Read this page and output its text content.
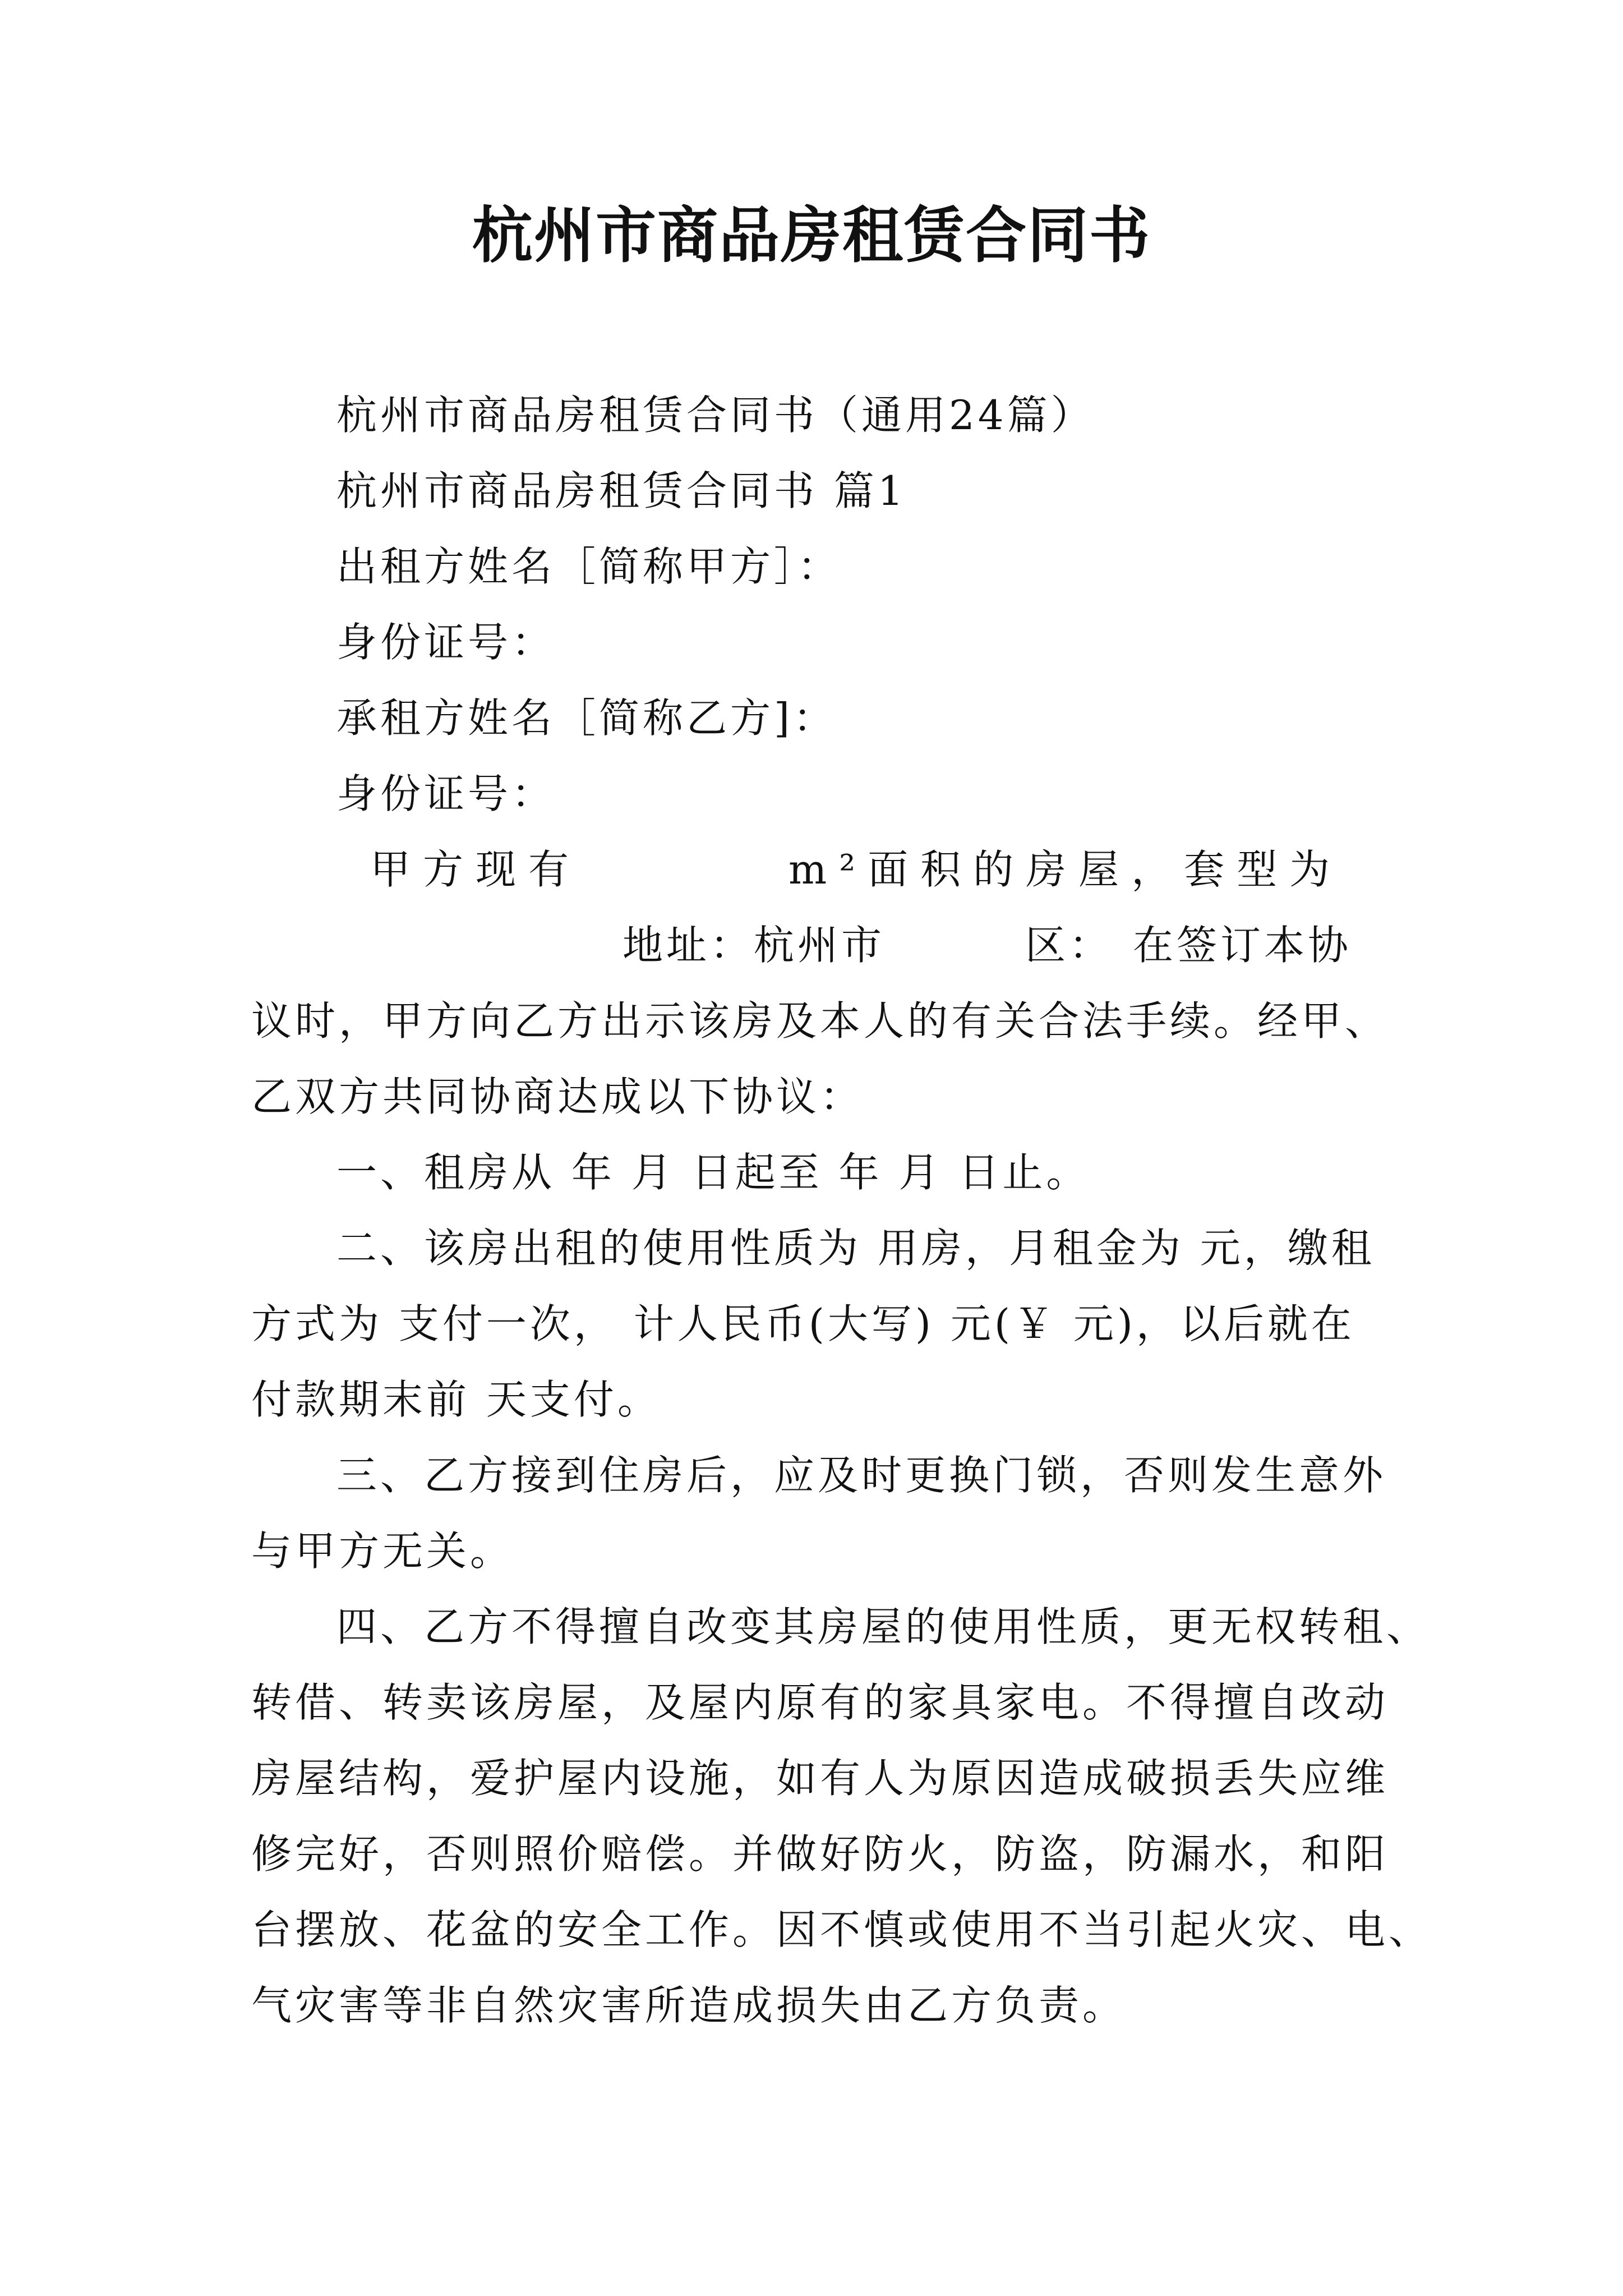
杭州市商品房租赁合同书
杭州市商品房租赁合同书（通用24篇）
杭州市商品房租赁合同书 篇1
出租方姓名［简称甲方］：
身份证号：
承租方姓名［简称乙方]：
身份证号：
甲方现有	m²面积的房屋，套型为
地址：杭州市	区： 在签订本协
议时，甲方向乙方出示该房及本人的有关合法手续。经甲、
乙双方共同协商达成以下协议：
一、租房从 年 月 日起至 年 月 日止。
二、该房出租的使用性质为 用房，月租金为 元，缴租
方式为 支付一次， 计人民币(大写) 元(￥ 元)，以后就在
付款期末前 天支付。
三、乙方接到住房后，应及时更换门锁，否则发生意外
与甲方无关。
四、乙方不得擅自改变其房屋的使用性质，更无权转租、
转借、转卖该房屋，及屋内原有的家具家电。不得擅自改动
房屋结构，爱护屋内设施，如有人为原因造成破损丢失应维
修完好，否则照价赔偿。并做好防火，防盗，防漏水，和阳
台摆放、花盆的安全工作。因不慎或使用不当引起火灾、电、
气灾害等非自然灾害所造成损失由乙方负责。
